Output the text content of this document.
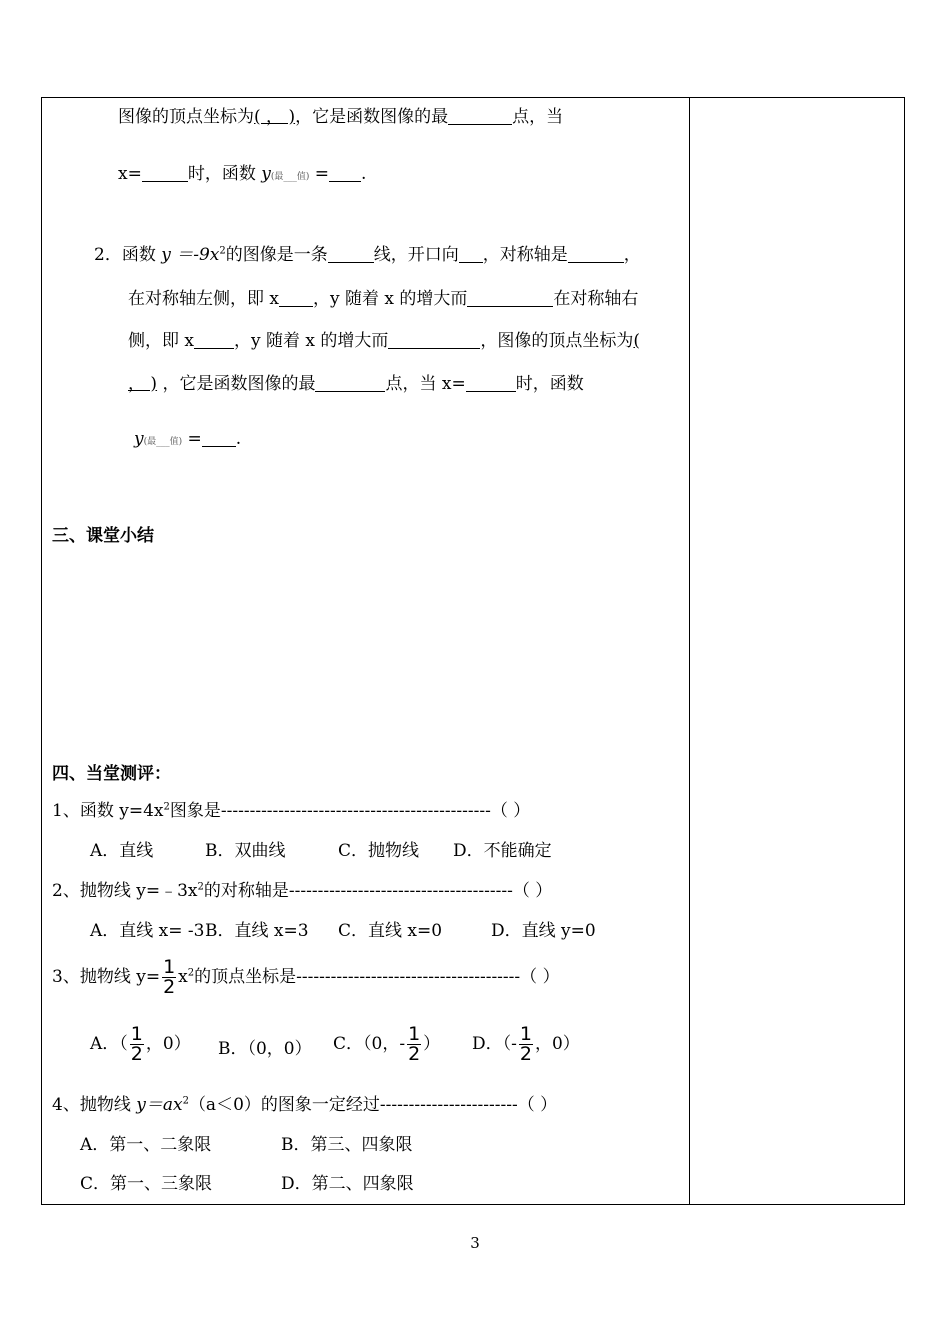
图像的顶点坐标为( ， )，它是函数图像的最	点，当
x=	时，函数 y(最___值) = .
2．函数 $y =-9x^2$的图像是一条	线，开口向 ，对称轴是	，
在对称轴左侧，即 x ，y 随着 x 的增大而	在对称轴右
侧，即 x ，y 随着 x 的增大而	，图像的顶点坐标为(
， ) ，它是函数图像的最	点，当 x=	时，函数
y(最___值) = .
三、课堂小结
四、当堂测评：
1、函数 $y=4x^2$图象是-----------------------------------------------（ ）
A．直线	B．双曲线	C．抛物线 D．不能确定
2、抛物线 $y=﹣3x^2$的对称轴是---------------------------------------（ ）
A．直线 x= -3 B．直线 x=3 C．直线 x=0	D．直线 y=0
3、抛物线 $y= \frac{1}{2} x^2$的顶点坐标是---------------------------------------（ ）
A．（ $\frac{1}{2}$ ，0） B．（0，0） C．（0，- $\frac{1}{2}$ ） D．（- $\frac{1}{2}$ ，0）
4、抛物线 $y=ax^2(a<0)$的图象一定经过------------------------（ ）
A．第一、二象限	B．第三、四象限
C．第一、三象限	D．第二、四象限
3
